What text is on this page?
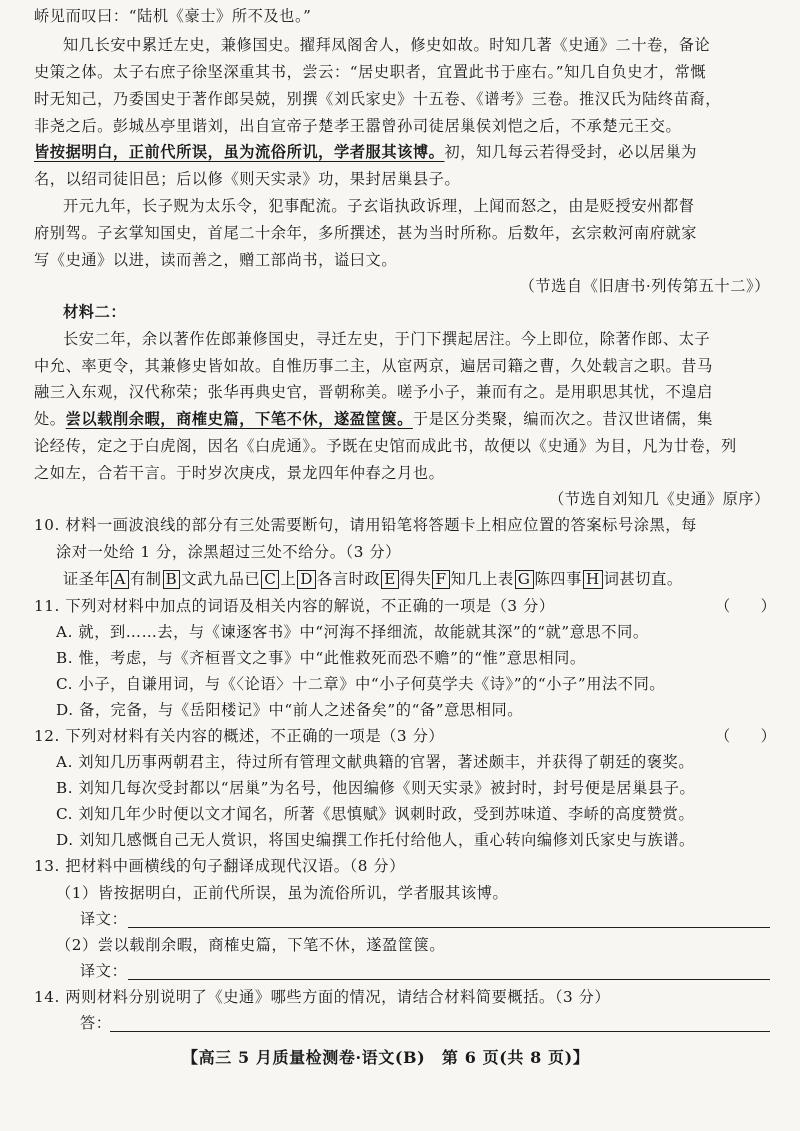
峤见而叹曰：“陆机《豪士》所不及也。”
知几长安中累迁左史，兼修国史。擢拜凤阁舍人，修史如故。时知几著《史通》二十卷，备论
史策之体。太子右庶子徐坚深重其书，尝云：“居史职者，宜置此书于座右。”知几自负史才，常慨
时无知己，乃委国史于著作郎吴兢，别撰《刘氏家史》十五卷、《谱考》三卷。推汉氏为陆终苗裔，
非尧之后。彭城丛亭里谐刘，出自宣帝子楚孝王嚣曾孙司徒居巢侯刘恺之后，不承楚元王交。
皆按据明白，正前代所误，虽为流俗所讥，学者服其该博。初，知几每云若得受封，必以居巢为
名，以绍司徒旧邑；后以修《则天实录》功，果封居巢县子。
开元九年，长子贶为太乐令，犯事配流。子玄诣执政诉理，上闻而怒之，由是贬授安州都督
府别驾。子玄掌知国史，首尾二十余年，多所撰述，甚为当时所称。后数年，玄宗敕河南府就家
写《史通》以进，读而善之，赠工部尚书，谥曰文。
（节选自《旧唐书·列传第五十二》）
材料二：
长安二年，余以著作佐郎兼修国史，寻迁左史，于门下撰起居注。今上即位，除著作郎、太子
中允、率更令，其兼修史皆如故。自惟历事二主，从宦两京，遍居司籍之曹，久处载言之职。昔马
融三入东观，汉代称荣；张华再典史官，晋朝称美。嗟予小子，兼而有之。是用职思其忧，不遑启
处。尝以载削余暇，商榷史篇，下笔不休，遂盈筐箧。于是区分类聚，编而次之。昔汉世诸儒，集
论经传，定之于白虎阁，因名《白虎通》。予既在史馆而成此书，故便以《史通》为目，凡为廿卷，列
之如左，合若干言。于时岁次庚戌，景龙四年仲春之月也。
（节选自刘知几《史通》原序）
10. 材料一画波浪线的部分有三处需要断句，请用铅笔将答题卡上相应位置的答案标号涂黑，每
涂对一处给 1 分，涂黑超过三处不给分。（3 分）
证圣年 A 有制 B 文武九品已 C 上 D 各言时政 E 得失 F 知几上表 G 陈四事 H 词甚切直。
11. 下列对材料中加点的词语及相关内容的解说，不正确的一项是（3 分）	（　　）
A. 就，到……去，与《谏逐客书》中“河海不择细流，故能就其深”的“就”意思不同。
B. 惟，考虑，与《齐桓晋文之事》中“此惟救死而恐不赡”的“惟”意思相同。
C. 小子，自谦用词，与《〈论语〉十二章》中“小子何莫学夫《诗》”的“小子”用法不同。
D. 备，完备，与《岳阳楼记》中“前人之述备矣”的“备”意思相同。
12. 下列对材料有关内容的概述，不正确的一项是（3 分）	（　　）
A. 刘知几历事两朝君主，待过所有管理文献典籍的官署，著述颇丰，并获得了朝廷的褒奖。
B. 刘知几每次受封都以“居巢”为名号，他因编修《则天实录》被封时，封号便是居巢县子。
C. 刘知几年少时便以文才闻名，所著《思慎赋》讽刺时政，受到苏味道、李峤的高度赞赏。
D. 刘知几感慨自己无人赏识，将国史编撰工作托付给他人，重心转向编修刘氏家史与族谱。
13. 把材料中画横线的句子翻译成现代汉语。（8 分）
（1）皆按据明白，正前代所误，虽为流俗所讥，学者服其该博。
译文：
（2）尝以载削余暇，商榷史篇，下笔不休，遂盈筐箧。
译文：
14. 两则材料分别说明了《史通》哪些方面的情况，请结合材料简要概括。（3 分）
答：
【高三 5 月质量检测卷·语文(B)  第 6 页(共 8 页)】
